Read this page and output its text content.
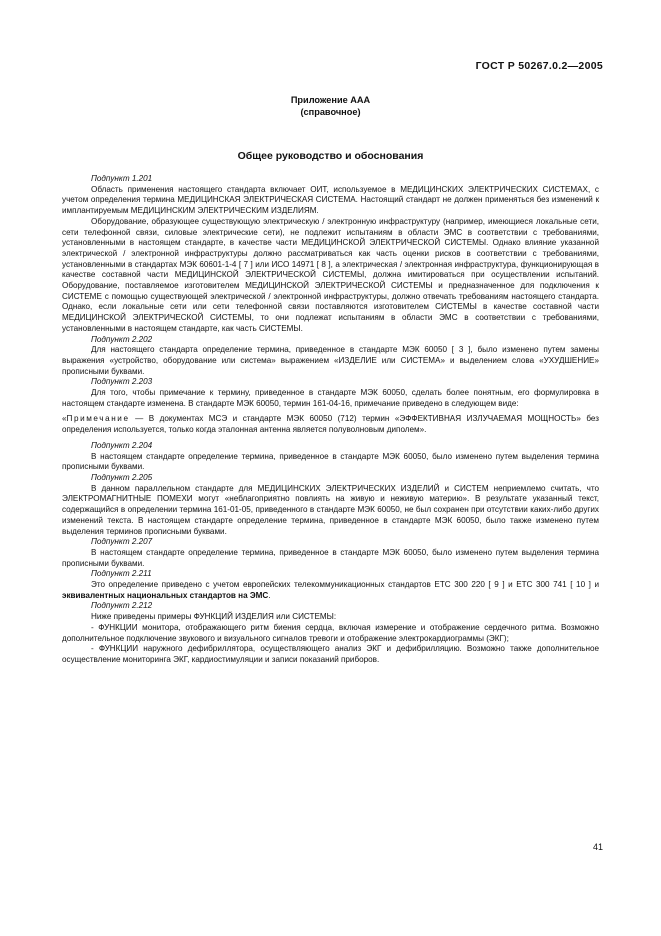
ГОСТ Р 50267.0.2—2005
Приложение ААА
(справочное)
Общее руководство и обоснования

Подпункт 1.201

Область применения настоящего стандарта включает ОИТ, используемое в МЕДИЦИНСКИХ ЭЛЕКТРИЧЕСКИХ СИСТЕМАХ, с учетом определения термина МЕДИЦИНСКАЯ ЭЛЕКТРИЧЕСКАЯ СИСТЕМА. Настоящий стандарт не должен применяться без изменений к имплантируемым МЕДИЦИНСКИМ ЭЛЕКТРИЧЕСКИМ ИЗДЕЛИЯМ.

Оборудование, образующее существующую электрическую / электронную инфраструктуру (например, имеющиеся локальные сети, сети телефонной связи, силовые электрические сети), не подлежит испытаниям в области ЭМС в соответствии с требованиями, установленными в настоящем стандарте, в качестве части МЕДИЦИНСКОЙ ЭЛЕКТРИЧЕСКОЙ СИСТЕМЫ. Однако влияние указанной электрической / электронной инфраструктуры должно рассматриваться как часть оценки рисков в соответствии с требованиями, установленными в стандартах МЭК 60601-1-4 [ 7 ] или ИСО 14971 [ 8 ], а электрическая / электронная инфраструктура, функционирующая в качестве составной части МЕДИЦИНСКОЙ ЭЛЕКТРИЧЕСКОЙ СИСТЕМЫ, должна имитироваться при осуществлении испытаний. Оборудование, поставляемое изготовителем МЕДИЦИНСКОЙ ЭЛЕКТРИЧЕСКОЙ СИСТЕМЫ и предназначенное для подключения к СИСТЕМЕ с помощью существующей электрической / электронной инфраструктуры, должно отвечать требованиям настоящего стандарта. Однако, если локальные сети или сети телефонной связи поставляются изготовителем СИСТЕМЫ в качестве составной части МЕДИЦИНСКОЙ ЭЛЕКТРИЧЕСКОЙ СИСТЕМЫ, то они подлежат испытаниям в области ЭМС в соответствии с требованиями, установленными в настоящем стандарте, как часть СИСТЕМЫ.

Подпункт 2.202

Для настоящего стандарта определение термина, приведенное в стандарте МЭК 60050 [ 3 ], было изменено путем замены выражения «устройство, оборудование или система» выражением «ИЗДЕЛИЕ или СИСТЕМА» и выделением слова «УХУДШЕНИЕ» прописными буквами.

Подпункт 2.203

Для того, чтобы примечание к термину, приведенное в стандарте МЭК 60050, сделать более понятным, его формулировка в настоящем стандарте изменена. В стандарте МЭК 60050, термин 161-04-16, примечание приведено в следующем виде:

«Примечание — В документах МСЭ и стандарте МЭК 60050 (712) термин «ЭФФЕКТИВНАЯ ИЗЛУЧАЕМАЯ МОЩНОСТЬ» без определения используется, только когда эталонная антенна является полуволновым диполем».

Подпункт 2.204

В настоящем стандарте определение термина, приведенное в стандарте МЭК 60050, было изменено путем выделения термина прописными буквами.

Подпункт 2.205

В данном параллельном стандарте для МЕДИЦИНСКИХ ЭЛЕКТРИЧЕСКИХ ИЗДЕЛИЙ и СИСТЕМ неприемлемо считать, что ЭЛЕКТРОМАГНИТНЫЕ ПОМЕХИ могут «неблагоприятно повлиять на живую и неживую материю». В результате указанный текст, содержащийся в определении термина 161-01-05, приведенного в стандарте МЭК 60050, не был сохранен при отсутствии каких-либо других изменений текста. В настоящем стандарте определение термина, приведенное в стандарте МЭК 60050, было также изменено путем выделения терминов прописными буквами.

Подпункт 2.207

В настоящем стандарте определение термина, приведенное в стандарте МЭК 60050, было изменено путем выделения термина прописными буквами.

Подпункт 2.211

Это определение приведено с учетом европейских телекоммуникационных стандартов ЕТС 300 220 [ 9 ] и ЕТС 300 741 [ 10 ] и эквивалентных национальных стандартов на ЭМС.

Подпункт 2.212

Ниже приведены примеры ФУНКЦИЙ ИЗДЕЛИЯ или СИСТЕМЫ:

- ФУНКЦИИ монитора, отображающего ритм биения сердца, включая измерение и отображение сердечного ритма. Возможно дополнительное подключение звукового и визуального сигналов тревоги и отображение электрокардиограммы (ЭКГ);

- ФУНКЦИИ наружного дефибриллятора, осуществляющего анализ ЭКГ и дефибрилляцию. Возможно также дополнительное осуществление мониторинга ЭКГ, кардиостимуляции и записи показаний приборов.

41
